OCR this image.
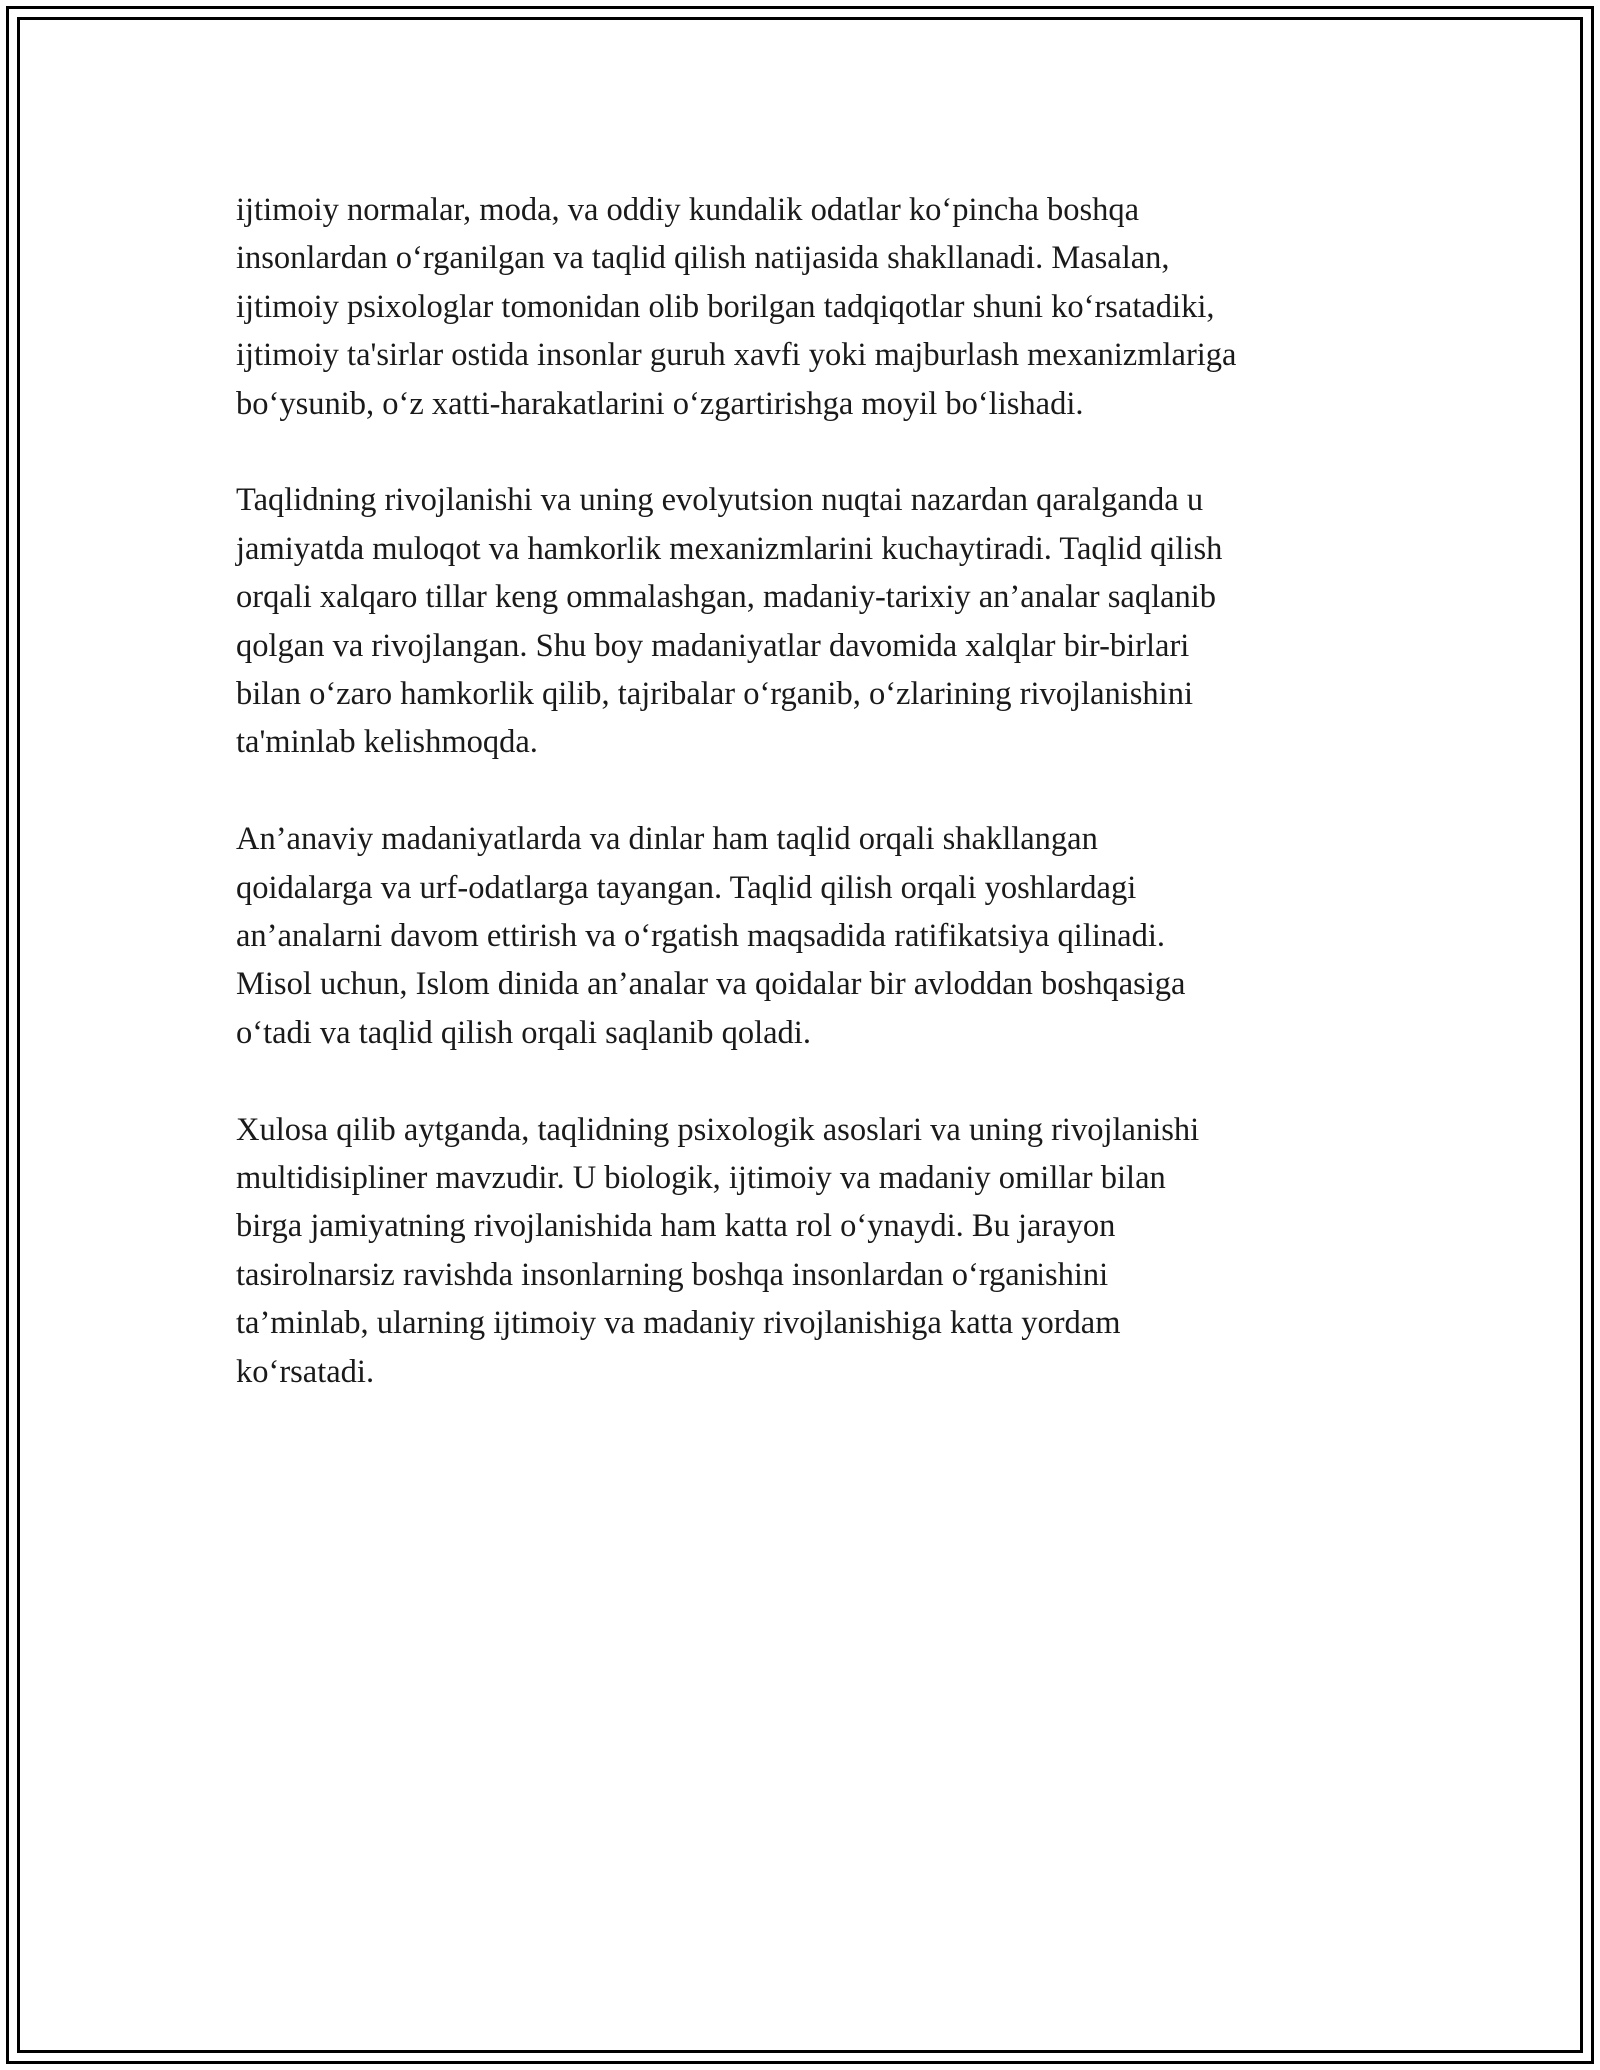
ijtimoiy normalar, moda, va oddiy kundalik odatlar ko‘pincha boshqa
insonlardan o‘rganilgan va taqlid qilish natijasida shakllanadi. Masalan,
ijtimoiy psixologlar tomonidan olib borilgan tadqiqotlar shuni ko‘rsatadiki,
ijtimoiy ta'sirlar ostida insonlar guruh xavfi yoki majburlash mexanizmlariga
bo‘ysunib, o‘z xatti-harakatlarini o‘zgartirishga moyil bo‘lishadi.

Taqlidning rivojlanishi va uning evolyutsion nuqtai nazardan qaralganda u
jamiyatda muloqot va hamkorlik mexanizmlarini kuchaytiradi. Taqlid qilish
orqali xalqaro tillar keng ommalashgan, madaniy-tarixiy an’analar saqlanib
qolgan va rivojlangan. Shu boy madaniyatlar davomida xalqlar bir-birlari
bilan o‘zaro hamkorlik qilib, tajribalar o‘rganib, o‘zlarining rivojlanishini
ta'minlab kelishmoqda.

An’anaviy madaniyatlarda va dinlar ham taqlid orqali shakllangan
qoidalarga va urf-odatlarga tayangan. Taqlid qilish orqali yoshlardagi
an’analarni davom ettirish va o‘rgatish maqsadida ratifikatsiya qilinadi.
Misol uchun, Islom dinida an’analar va qoidalar bir avloddan boshqasiga
o‘tadi va taqlid qilish orqali saqlanib qoladi.

Xulosa qilib aytganda, taqlidning psixologik asoslari va uning rivojlanishi
multidisipliner mavzudir. U biologik, ijtimoiy va madaniy omillar bilan
birga jamiyatning rivojlanishida ham katta rol o‘ynaydi. Bu jarayon
tasirolnarsiz ravishda insonlarning boshqa insonlardan o‘rganishini
ta’minlab, ularning ijtimoiy va madaniy rivojlanishiga katta yordam
ko‘rsatadi.
